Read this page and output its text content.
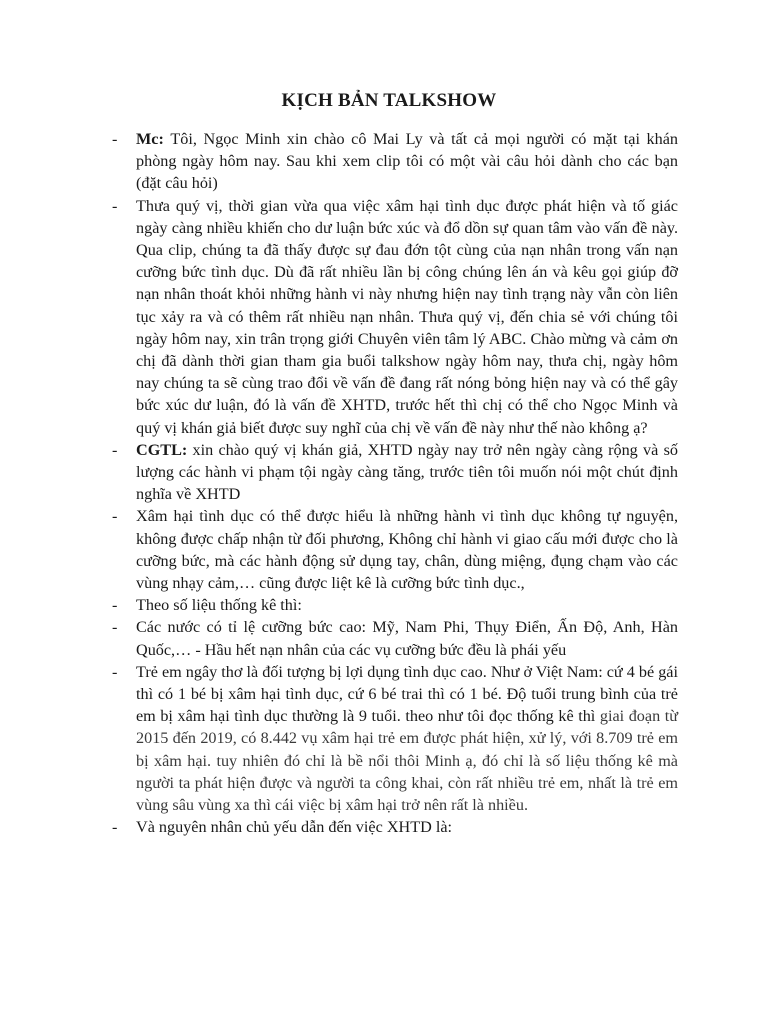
KỊCH BẢN TALKSHOW
- Mc: Tôi, Ngọc Minh xin chào cô Mai Ly và tất cả mọi người có mặt tại khán phòng ngày hôm nay. Sau khi xem clip tôi có một vài câu hỏi dành cho các bạn (đặt câu hỏi)
- Thưa quý vị, thời gian vừa qua việc xâm hại tình dục được phát hiện và tố giác ngày càng nhiều khiến cho dư luận bức xúc và đổ dồn sự quan tâm vào vấn đề này. Qua clip, chúng ta đã thấy được sự đau đớn tột cùng của nạn nhân trong vấn nạn cưỡng bức tình dục. Dù đã rất nhiều lần bị công chúng lên án và kêu gọi giúp đỡ nạn nhân thoát khỏi những hành vi này nhưng hiện nay tình trạng này vẫn còn liên tục xảy ra và có thêm rất nhiều nạn nhân. Thưa quý vị, đến chia sẻ với chúng tôi ngày hôm nay, xin trân trọng giới Chuyên viên tâm lý ABC. Chào mừng và cảm ơn chị đã dành thời gian tham gia buổi talkshow ngày hôm nay, thưa chị, ngày hôm nay chúng ta sẽ cùng trao đổi về vấn đề đang rất nóng bỏng hiện nay và có thể gây bức xúc dư luận, đó là vấn đề XHTD, trước hết thì chị có thể cho Ngọc Minh và quý vị khán giả biết được suy nghĩ của chị về vấn đề này như thế nào không ạ?
- CGTL: xin chào quý vị khán giả, XHTD ngày nay trở nên ngày càng rộng và số lượng các hành vi phạm tội ngày càng tăng, trước tiên tôi muốn nói một chút định nghĩa về XHTD
- Xâm hại tình dục có thể được hiểu là những hành vi tình dục không tự nguyện, không được chấp nhận từ đối phương, Không chỉ hành vi giao cấu mới được cho là cưỡng bức, mà các hành động sử dụng tay, chân, dùng miệng, đụng chạm vào các vùng nhạy cảm,… cũng được liệt kê là cưỡng bức tình dục.,
- Theo số liệu thống kê thì:
- Các nước có tỉ lệ cưỡng bức cao: Mỹ, Nam Phi, Thụy Điển, Ấn Độ, Anh, Hàn Quốc,… - Hầu hết nạn nhân của các vụ cưỡng bức đều là phái yếu
- Trẻ em ngây thơ là đối tượng bị lợi dụng tình dục cao. Như ở Việt Nam: cứ 4 bé gái thì có 1 bé bị xâm hại tình dục, cứ 6 bé trai thì có 1 bé. Độ tuổi trung bình của trẻ em bị xâm hại tình dục thường là 9 tuổi. theo như tôi đọc thống kê thì giai đoạn từ 2015 đến 2019, có 8.442 vụ xâm hại trẻ em được phát hiện, xử lý, với 8.709 trẻ em bị xâm hại. tuy nhiên đó chỉ là bề nổi thôi Minh ạ, đó chỉ là số liệu thống kê mà người ta phát hiện được và người ta công khai, còn rất nhiều trẻ em, nhất là trẻ em vùng sâu vùng xa thì cái việc bị xâm hại trở nên rất là nhiều.
- Và nguyên nhân chủ yếu dẫn đến việc XHTD là:
